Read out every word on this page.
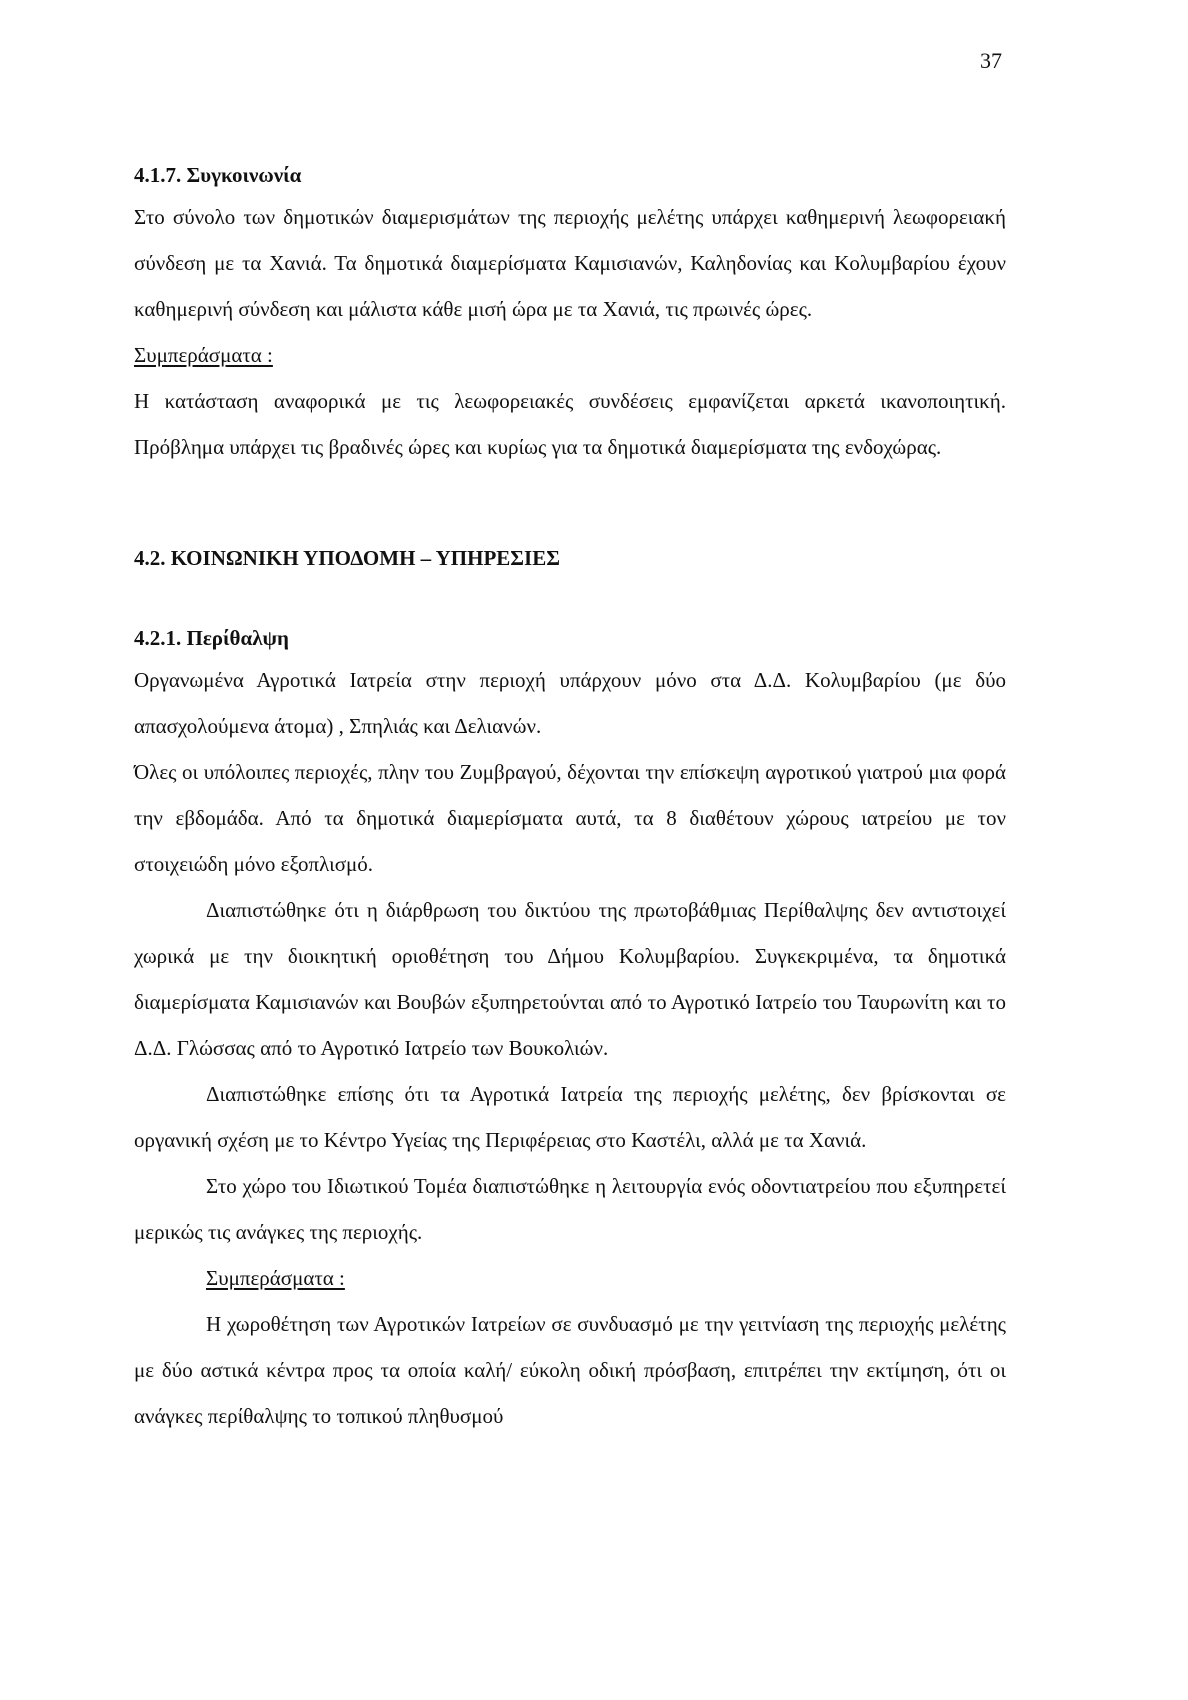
37

4.1.7. Συγκοινωνία

Στο σύνολο των δημοτικών διαμερισμάτων της περιοχής μελέτης υπάρχει καθημερινή λεωφορειακή σύνδεση με τα Χανιά. Τα δημοτικά διαμερίσματα Καμισιανών, Καληδονίας και Κολυμβαρίου έχουν καθημερινή σύνδεση και μάλιστα κάθε μισή ώρα με τα Χανιά, τις πρωινές ώρες.

Συμπεράσματα :

Η κατάσταση αναφορικά με τις λεωφορειακές συνδέσεις εμφανίζεται αρκετά ικανοποιητική. Πρόβλημα υπάρχει τις βραδινές ώρες και κυρίως για τα δημοτικά διαμερίσματα της ενδοχώρας.

4.2. ΚΟΙΝΩΝΙΚΗ ΥΠΟΔΟΜΗ – ΥΠΗΡΕΣΙΕΣ

4.2.1. Περίθαλψη

Οργανωμένα Αγροτικά Ιατρεία στην περιοχή υπάρχουν μόνο στα Δ.Δ. Κολυμβαρίου (με δύο απασχολούμενα άτομα) , Σπηλιάς και Δελιανών.

Όλες οι υπόλοιπες περιοχές, πλην του Ζυμβραγού, δέχονται την επίσκεψη αγροτικού γιατρού μια φορά την εβδομάδα. Από τα δημοτικά διαμερίσματα αυτά, τα 8 διαθέτουν χώρους ιατρείου με τον στοιχειώδη μόνο εξοπλισμό.

Διαπιστώθηκε ότι η διάρθρωση του δικτύου της πρωτοβάθμιας Περίθαλψης δεν αντιστοιχεί χωρικά με την διοικητική οριοθέτηση του Δήμου Κολυμβαρίου. Συγκεκριμένα, τα δημοτικά διαμερίσματα Καμισιανών και Βουβών εξυπηρετούνται από το Αγροτικό Ιατρείο του Ταυρωνίτη και το Δ.Δ. Γλώσσας από το Αγροτικό Ιατρείο των Βουκολιών.

Διαπιστώθηκε επίσης ότι τα Αγροτικά Ιατρεία της περιοχής μελέτης, δεν βρίσκονται σε οργανική σχέση με το Κέντρο Υγείας της Περιφέρειας στο Καστέλι, αλλά με τα Χανιά.

Στο χώρο του Ιδιωτικού Τομέα διαπιστώθηκε η λειτουργία ενός οδοντιατρείου που εξυπηρετεί μερικώς τις ανάγκες της περιοχής.

Συμπεράσματα :

Η χωροθέτηση των Αγροτικών Ιατρείων σε συνδυασμό με την γειτνίαση της περιοχής μελέτης με δύο αστικά κέντρα προς τα οποία καλή/ εύκολη οδική πρόσβαση, επιτρέπει την εκτίμηση, ότι οι ανάγκες περίθαλψης το τοπικού πληθυσμού
